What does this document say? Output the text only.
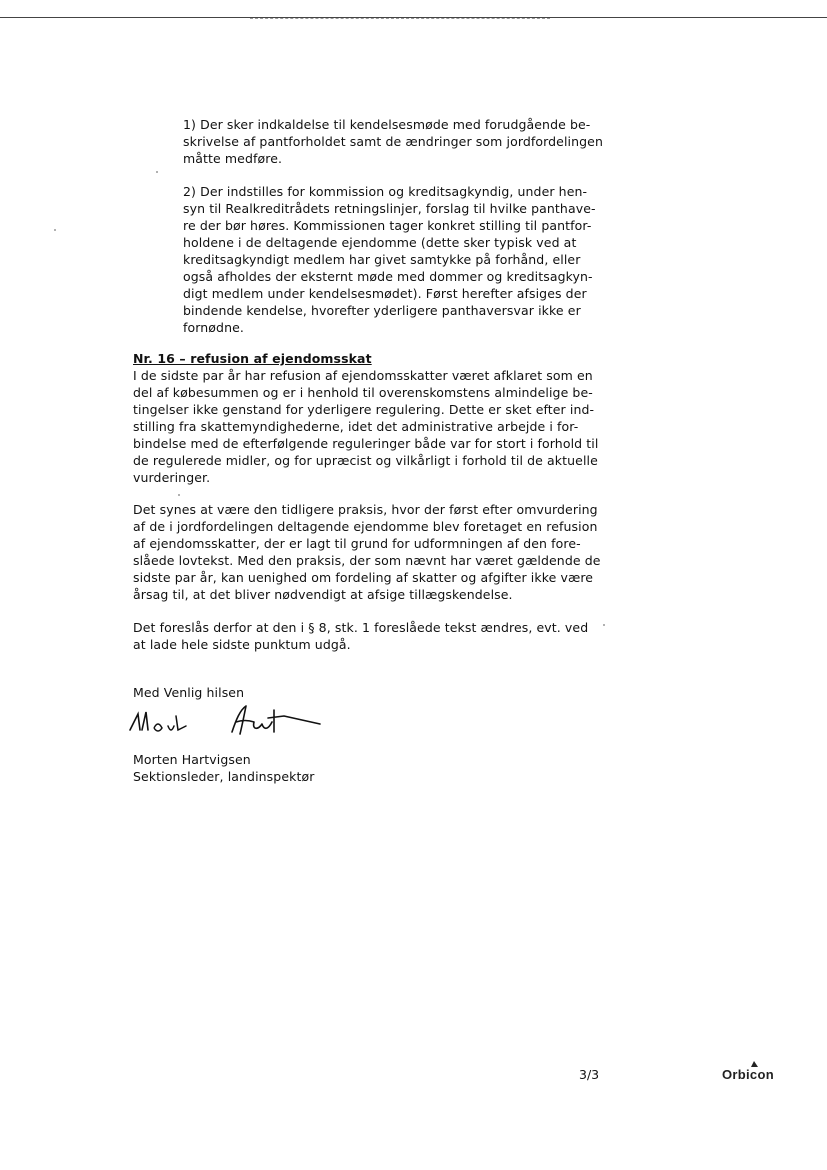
1) Der sker indkaldelse til kendelsesmøde med forudgående be-
skrivelse af pantforholdet samt de ændringer som jordfordelingen
måtte medføre.
2) Der indstilles for kommission og kreditsagkyndig, under hen-
syn til Realkreditrådets retningslinjer, forslag til hvilke panthave-
re der bør høres. Kommissionen tager konkret stilling til pantfor-
holdene i de deltagende ejendomme (dette sker typisk ved at
kreditsagkyndigt medlem har givet samtykke på forhånd, eller
også afholdes der eksternt møde med dommer og kreditsagkyn-
digt medlem under kendelsesmødet). Først herefter afsiges der
bindende kendelse, hvorefter yderligere panthaversvar ikke er
fornødne.
Nr. 16 – refusion af ejendomsskat
I de sidste par år har refusion af ejendomsskatter været afklaret som en
del af købesummen og er i henhold til overenskomstens almindelige be-
tingelser ikke genstand for yderligere regulering. Dette er sket efter ind-
stilling fra skattemyndighederne, idet det administrative arbejde i for-
bindelse med de efterfølgende reguleringer både var for stort i forhold til
de regulerede midler, og for upræcist og vilkårligt i forhold til de aktuelle
vurderinger.
Det synes at være den tidligere praksis, hvor der først efter omvurdering
af de i jordfordelingen deltagende ejendomme blev foretaget en refusion
af ejendomsskatter, der er lagt til grund for udformningen af den fore-
slåede lovtekst. Med den praksis, der som nævnt har været gældende de
sidste par år, kan uenighed om fordeling af skatter og afgifter ikke være
årsag til, at det bliver nødvendigt at afsige tillægskendelse.
Det foreslås derfor at den i § 8, stk. 1 foreslåede tekst ændres, evt. ved
at lade hele sidste punktum udgå.
Med Venlig hilsen
Morten Hartvigsen
Sektionsleder, landinspektør
3/3	Orbicon
